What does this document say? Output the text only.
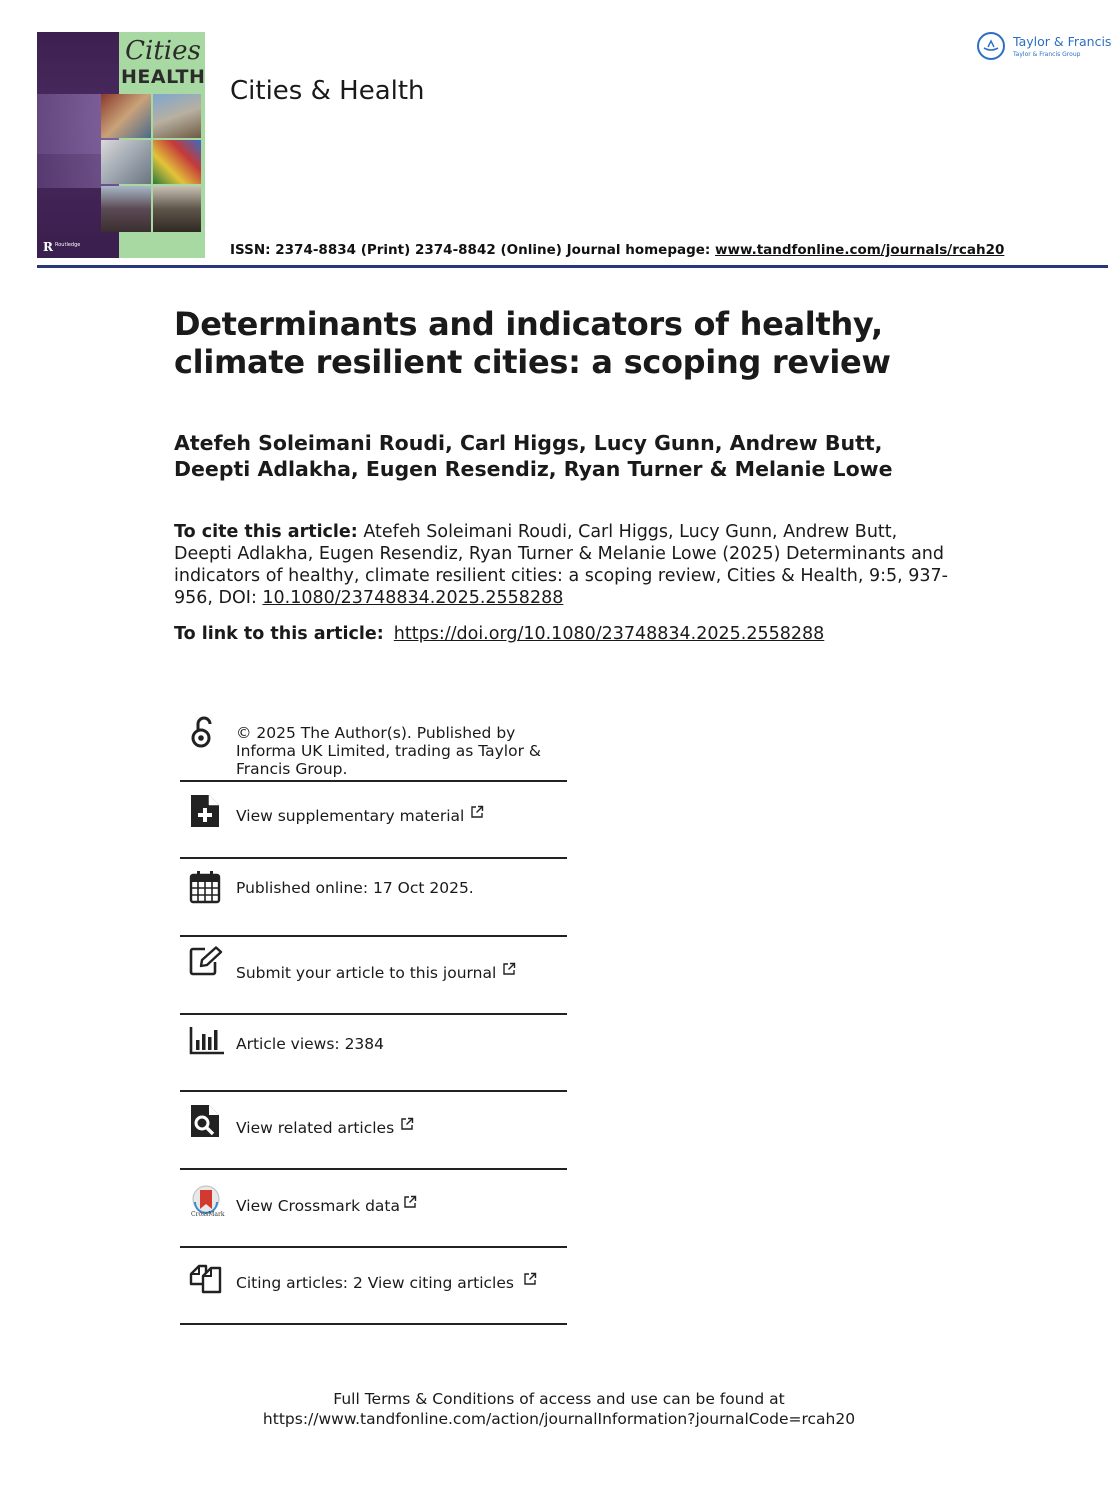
Cities
HEALTH
R Routledge
Cities & Health
Taylor & Francis
Taylor & Francis Group
ISSN: 2374-8834 (Print) 2374-8842 (Online) Journal homepage: www.tandfonline.com/journals/rcah20
Determinants and indicators of healthy, climate resilient cities: a scoping review
Atefeh Soleimani Roudi, Carl Higgs, Lucy Gunn, Andrew Butt, Deepti Adlakha, Eugen Resendiz, Ryan Turner & Melanie Lowe
To cite this article: Atefeh Soleimani Roudi, Carl Higgs, Lucy Gunn, Andrew Butt, Deepti Adlakha, Eugen Resendiz, Ryan Turner & Melanie Lowe (2025) Determinants and indicators of healthy, climate resilient cities: a scoping review, Cities & Health, 9:5, 937-956, DOI: 10.1080/23748834.2025.2558288
To link to this article: https://doi.org/10.1080/23748834.2025.2558288
© 2025 The Author(s). Published by Informa UK Limited, trading as Taylor & Francis Group.
View supplementary material
Published online: 17 Oct 2025.
Submit your article to this journal
Article views: 2384
View related articles
CrossMark View Crossmark data
Citing articles: 2 View citing articles
Full Terms & Conditions of access and use can be found at
https://www.tandfonline.com/action/journalInformation?journalCode=rcah20
